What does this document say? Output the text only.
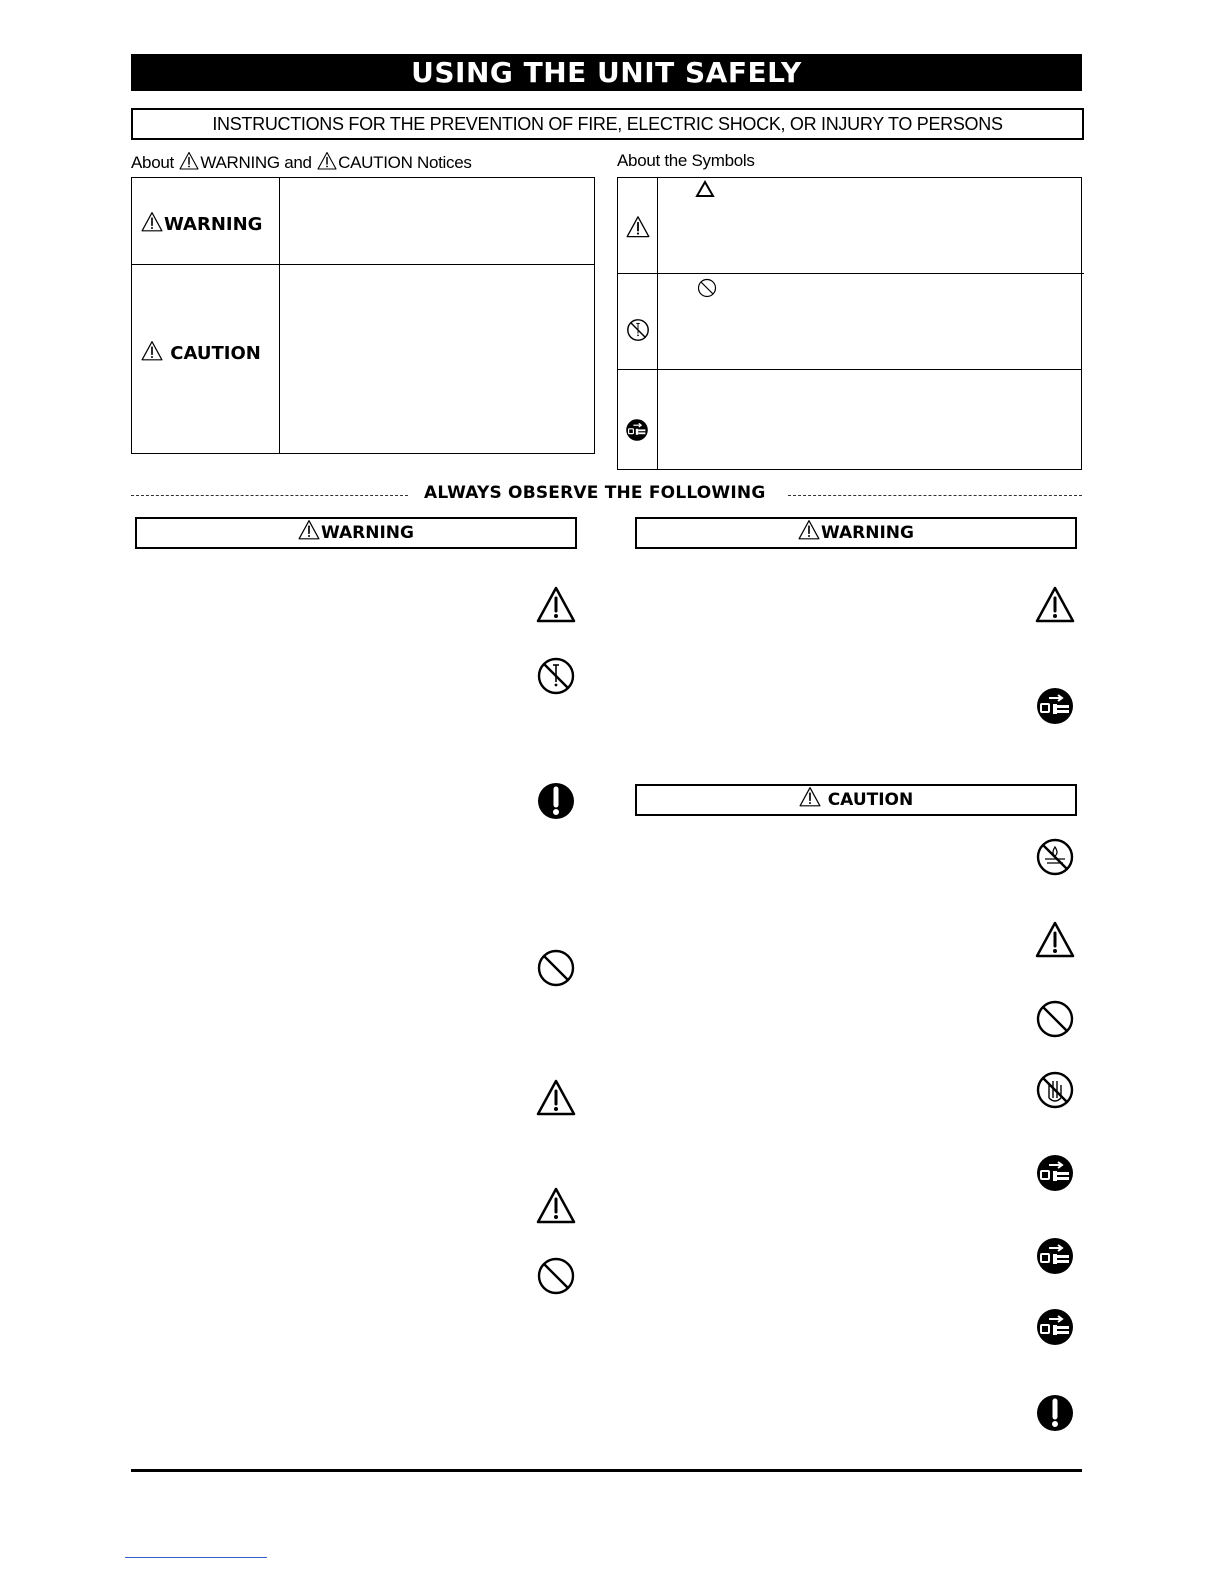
USING THE UNIT SAFELY
INSTRUCTIONS FOR THE PREVENTION OF FIRE, ELECTRIC SHOCK, OR INJURY TO PERSONS
About WARNING and CAUTION Notices	About the Symbols
WARNING
CAUTION
ALWAYS OBSERVE THE FOLLOWING
WARNING	WARNING
CAUTION
